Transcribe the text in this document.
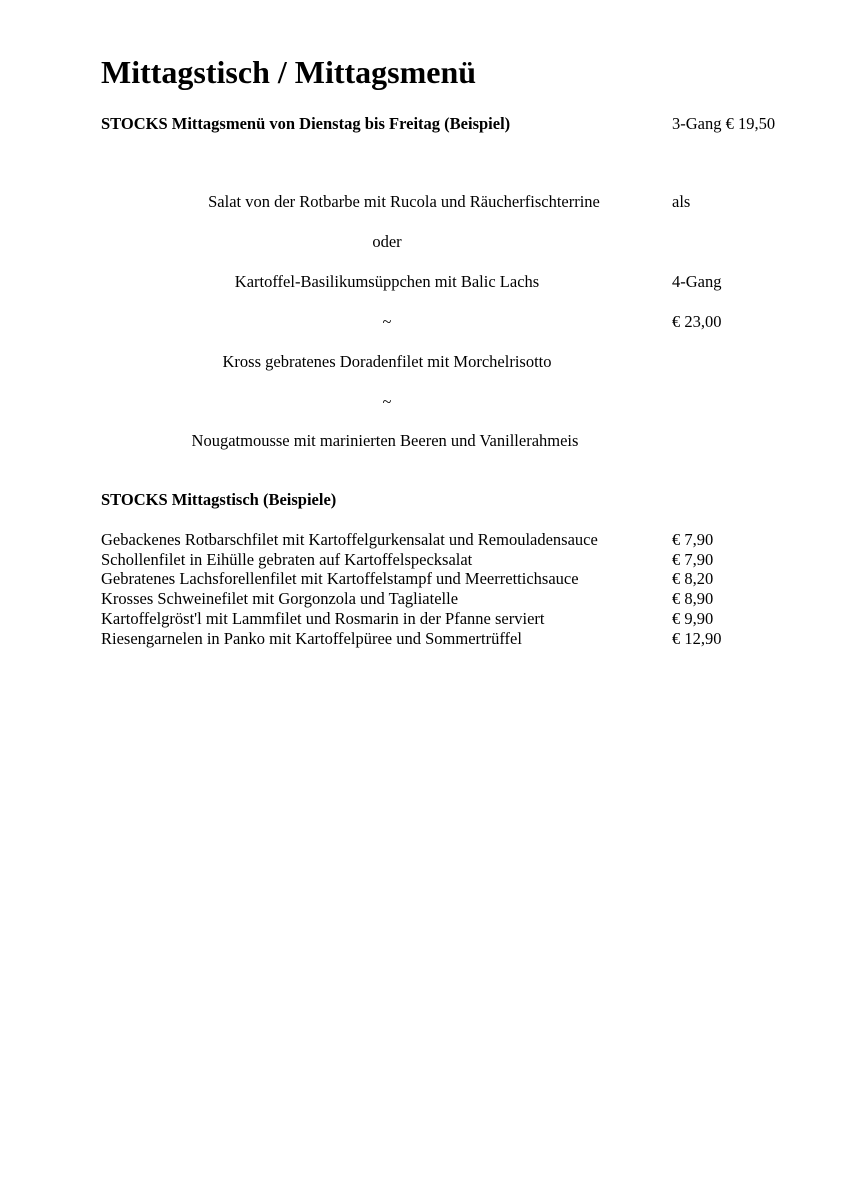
Mittagstisch / Mittagsmenü
STOCKS Mittagsmenü von Dienstag bis Freitag (Beispiel)	3-Gang € 19,50
Salat von der Rotbarbe mit Rucola und Räucherfischterrine
oder
Kartoffel-Basilikumsüppchen mit Balic Lachs
~
Kross gebratenes Doradenfilet mit Morchelrisotto
~
Nougatmousse mit marinierten Beeren und Vanillerahmeis
als
4-Gang
€ 23,00
STOCKS Mittagstisch (Beispiele)
Gebackenes Rotbarschfilet mit Kartoffelgurkensalat und Remouladensauce	€ 7,90
Schollenfilet in Eihülle gebraten auf Kartoffelspecksalat	€ 7,90
Gebratenes Lachsforellenfilet mit Kartoffelstampf und Meerrettichsauce	€ 8,20
Krosses Schweinefilet mit Gorgonzola und Tagliatelle	€ 8,90
Kartoffelgröst'l mit Lammfilet und Rosmarin in der Pfanne serviert	€ 9,90
Riesengarnelen in Panko mit Kartoffelpüree und Sommertrüffel	€ 12,90
